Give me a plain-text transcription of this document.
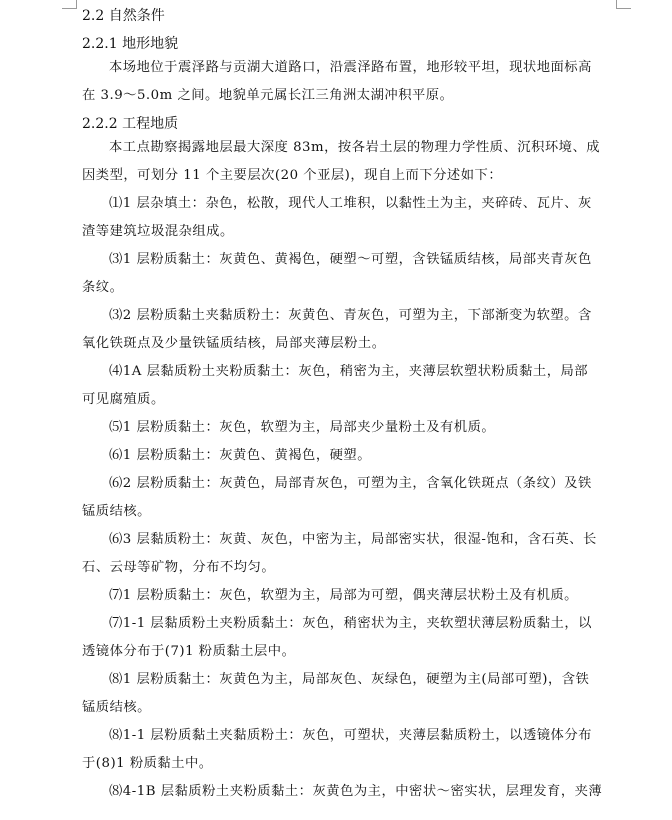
2.2 自然条件
2.2.1 地形地貌

本场地位于震泽路与贡湖大道路口，沿震泽路布置，地形较平坦，现状地面标高

在 3.9～5.0m 之间。地貌单元属长江三角洲太湖冲积平原。

2.2.2 工程地质

本工点勘察揭露地层最大深度 83m，按各岩土层的物理力学性质、沉积环境、成

因类型，可划分 11 个主要层次(20 个亚层)，现自上而下分述如下：

⑴1 层杂填土：杂色，松散，现代人工堆积，以黏性土为主，夹碎砖、瓦片、灰

渣等建筑垃圾混杂组成。

⑶1 层粉质黏土：灰黄色、黄褐色，硬塑～可塑，含铁锰质结核，局部夹青灰色

条纹。

⑶2 层粉质黏土夹黏质粉土：灰黄色、青灰色，可塑为主，下部渐变为软塑。含

氧化铁斑点及少量铁锰质结核，局部夹薄层粉土。

⑷1A 层黏质粉土夹粉质黏土：灰色，稍密为主，夹薄层软塑状粉质黏土，局部

可见腐殖质。

⑸1 层粉质黏土：灰色，软塑为主，局部夹少量粉土及有机质。

⑹1 层粉质黏土：灰黄色、黄褐色，硬塑。

⑹2 层粉质黏土：灰黄色，局部青灰色，可塑为主，含氧化铁斑点（条纹）及铁

锰质结核。

⑹3 层黏质粉土：灰黄、灰色，中密为主，局部密实状，很湿-饱和，含石英、长

石、云母等矿物，分布不均匀。

⑺1 层粉质黏土：灰色，软塑为主，局部为可塑，偶夹薄层状粉土及有机质。

⑺1-1 层黏质粉土夹粉质黏土：灰色，稍密状为主，夹软塑状薄层粉质黏土，以

透镜体分布于(7)1 粉质黏土层中。

⑻1 层粉质黏土：灰黄色为主，局部灰色、灰绿色，硬塑为主(局部可塑)，含铁

锰质结核。

⑻1-1 层粉质黏土夹黏质粉土：灰色，可塑状，夹薄层黏质粉土，以透镜体分布

于(8)1 粉质黏土中。

⑻4-1B 层黏质粉土夹粉质黏土：灰黄色为主，中密状～密实状，层理发育，夹薄
